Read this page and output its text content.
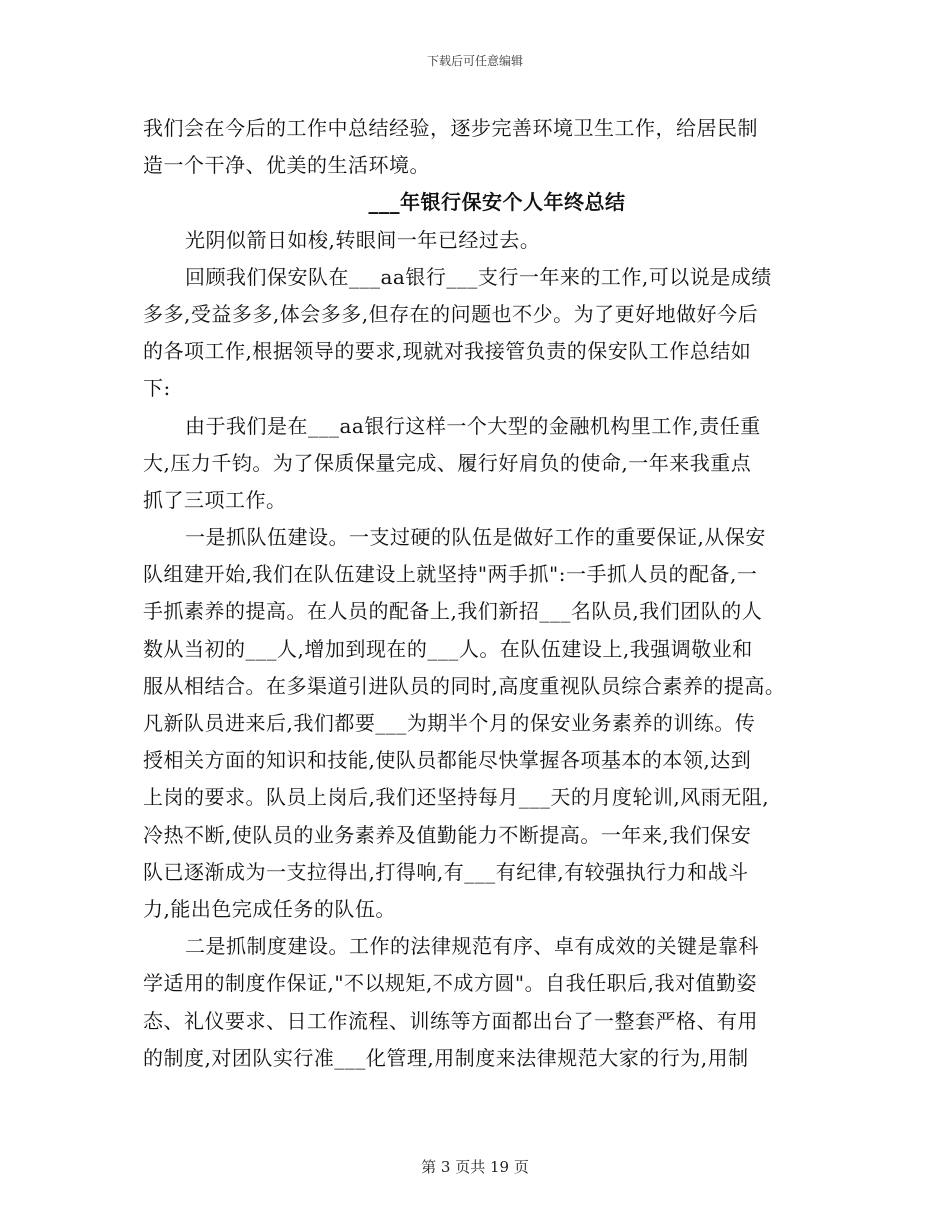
下载后可任意编辑
我们会在今后的工作中总结经验，逐步完善环境卫生工作，给居民制
造一个干净、优美的生活环境。
___年银行保安个人年终总结
光阴似箭日如梭,转眼间一年已经过去。
回顾我们保安队在___aa银行___支行一年来的工作,可以说是成绩
多多,受益多多,体会多多,但存在的问题也不少。为了更好地做好今后
的各项工作,根据领导的要求,现就对我接管负责的保安队工作总结如
下:
由于我们是在___aa银行这样一个大型的金融机构里工作,责任重
大,压力千钧。为了保质保量完成、履行好肩负的使命,一年来我重点
抓了三项工作。
一是抓队伍建设。一支过硬的队伍是做好工作的重要保证,从保安
队组建开始,我们在队伍建设上就坚持"两手抓":一手抓人员的配备,一
手抓素养的提高。在人员的配备上,我们新招___名队员,我们团队的人
数从当初的___人,增加到现在的___人。在队伍建设上,我强调敬业和
服从相结合。在多渠道引进队员的同时,高度重视队员综合素养的提高。
凡新队员进来后,我们都要___为期半个月的保安业务素养的训练。传
授相关方面的知识和技能,使队员都能尽快掌握各项基本的本领,达到
上岗的要求。队员上岗后,我们还坚持每月___天的月度轮训,风雨无阻,
冷热不断,使队员的业务素养及值勤能力不断提高。一年来,我们保安
队已逐渐成为一支拉得出,打得响,有___有纪律,有较强执行力和战斗
力,能出色完成任务的队伍。
二是抓制度建设。工作的法律规范有序、卓有成效的关键是靠科
学适用的制度作保证,"不以规矩,不成方圆"。自我任职后,我对值勤姿
态、礼仪要求、日工作流程、训练等方面都出台了一整套严格、有用
的制度,对团队实行准___化管理,用制度来法律规范大家的行为,用制
第 3 页共 19 页
